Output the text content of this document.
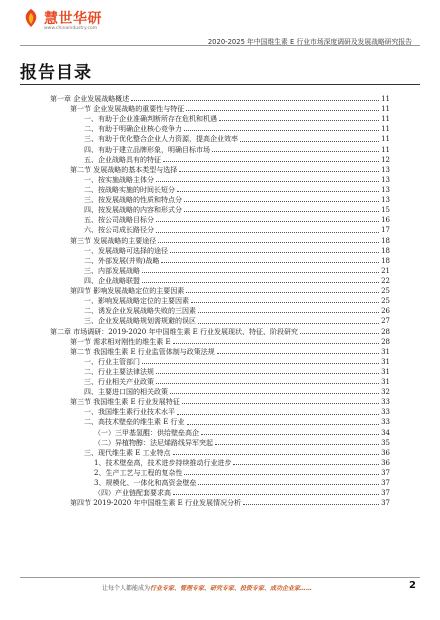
慧世华研
www.chinaindustry.com
2020-2025 年中国维生素 E 行业市场深度调研及发展战略研究报告
报告目录
第一章 企业发展战略概述	11
第一节 企业发展战略的重要性与特征	11
一、有助于企业准确判断所存在危机和机遇	11
二、有助于明确企业核心竞争力	11
三、有助于优化整合企业人力资源，提高企业效率	11
四、有助于建立品牌形象，明确目标市场	11
五、企业战略具有的特征	12
第二节 发展战略的基本类型与选择	13
一、按实施战略主体分	13
二、按战略实施的时间长短分	13
三、按发展战略的性质和特点分	13
四、按发展战略的内容和形式分	15
五、按公司战略目标分	16
六、按公司成长路径分	17
第三节 发展战略的主要途径	18
一、发展战略可选择的途径	18
二、外部发展(并购)战略	18
三、内部发展战略	21
四、企业战略联盟	22
第四节 影响发展战略定位的主要因素	25
一、影响发展战略定位的主要因素	25
二、诱发企业发展战略失败的三因素	26
三、企业发展战略规划需规避的误区	27
第二章 市场调研：2019-2020 年中国维生素 E 行业发展现状、特征、阶段研究	28
第一节 需求相对刚性的维生素 E	28
第二节 我国维生素 E 行业监管体制与政策法规	31
一、行业主管部门	31
二、行业主要法律法规	31
三、行业相关产业政策	31
四、主要进口国的相关政策	32
第三节 我国维生素 E 行业发展特征	33
一、我国维生素行业技术水平	33
二、高技术壁垒的维生素 E 行业	33
（一）三甲基氢醌：供给壁垒高企	34
（二）异植物醇：法尼烯路线异军突起	35
三、现代维生素 E 工业特点	36
1、技术壁垒高，技术进步持续推动行业进步	36
2、生产工艺与工程的复杂性	37
3、规模化、一体化和高资金壁垒	37
（四）产业链配套要求高	37
第四节 2019-2020 年中国维生素 E 行业发展情况分析	37
让每个人都能成为行业专家、管理专家、研究专家、投资专家、成功企业家……	2
